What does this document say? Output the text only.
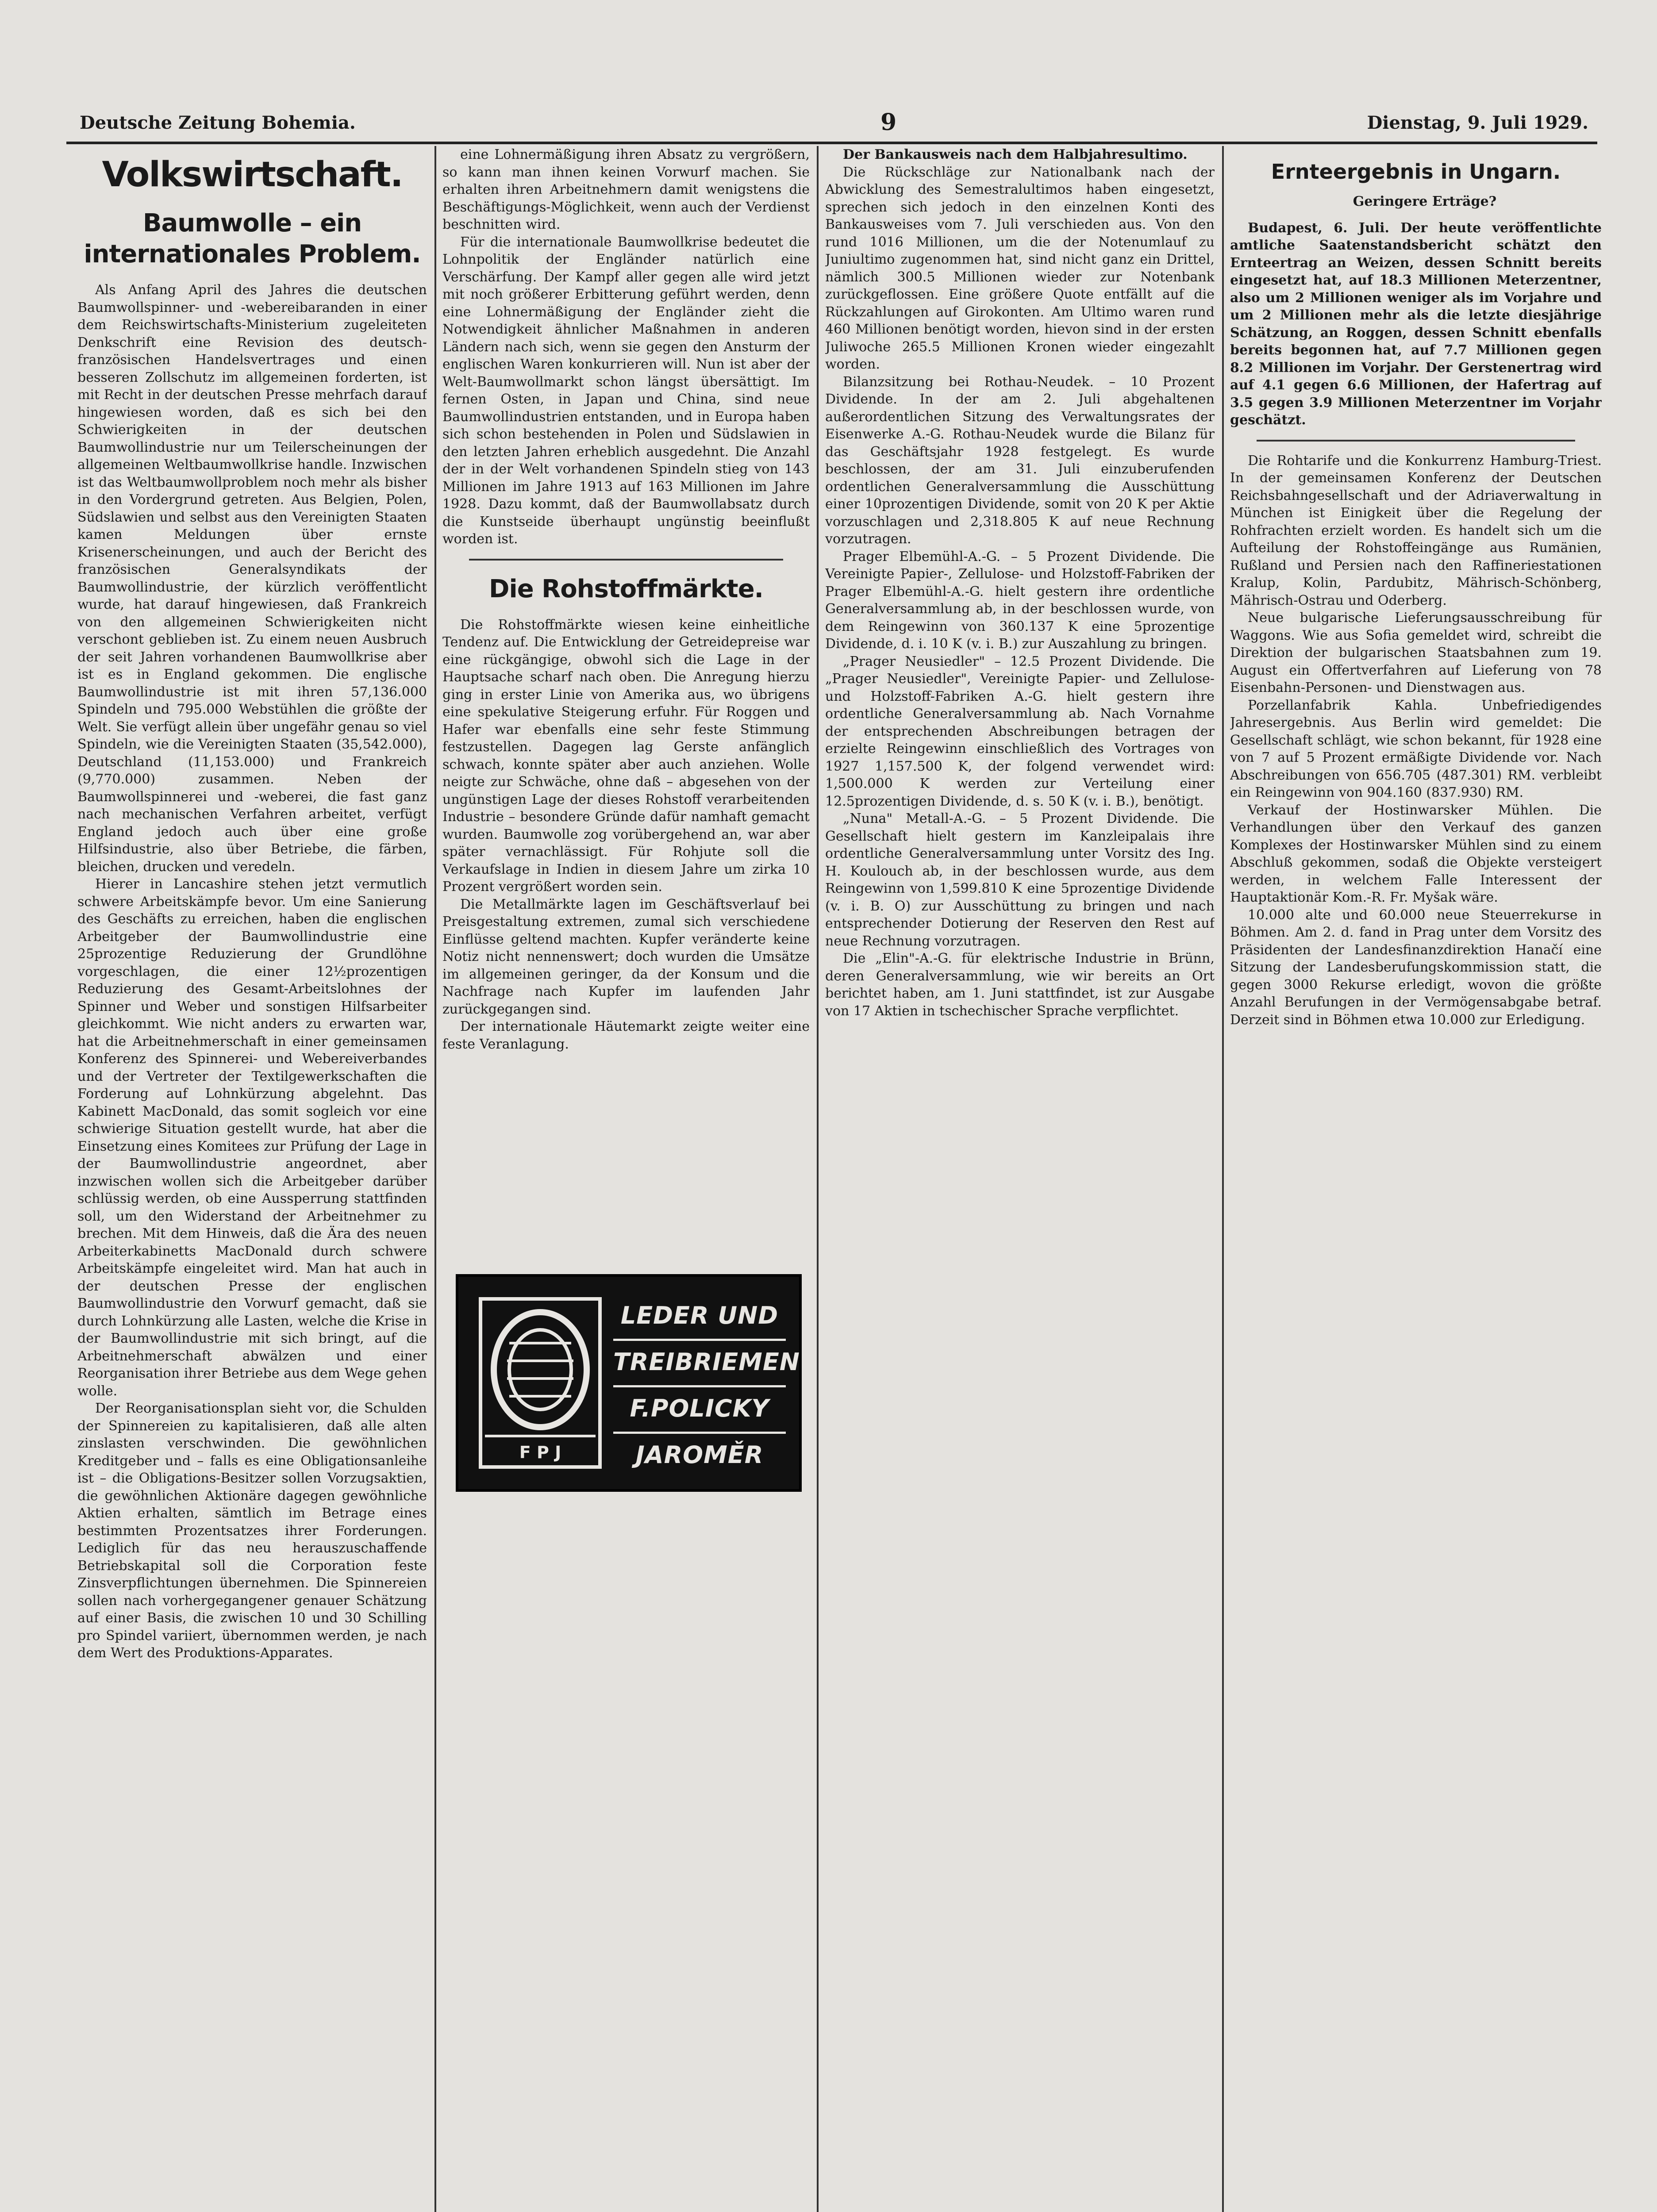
Deutsche Zeitung Bohemia.	9	Dienstag, 9. Juli 1929.
Volkswirtschaft.
Baumwolle – ein internationales Problem.

Als Anfang April des Jahres die deutschen Baumwollspinner- und -webereibaranden in einer dem Reichswirtschafts-Ministerium zugeleiteten Denkschrift eine Revision des deutsch-französischen Handelsvertrages und einen besseren Zollschutz im allgemeinen forderten, ist mit Recht in der deutschen Presse mehrfach darauf hingewiesen worden, daß es sich bei den Schwierigkeiten in der deutschen Baumwollindustrie nur um Teilerscheinungen der allgemeinen Weltbaumwollkrise handle. Inzwischen ist das Weltbaumwollproblem noch mehr als bisher in den Vordergrund getreten. Aus Belgien, Polen, Südslawien und selbst aus den Vereinigten Staaten kamen Meldungen über ernste Krisenerscheinungen, und auch der Bericht des französischen Generalsyndikats der Baumwollindustrie, der kürzlich veröffentlicht wurde, hat darauf hingewiesen, daß Frankreich von den allgemeinen Schwierigkeiten nicht verschont geblieben ist. Zu einem neuen Ausbruch der seit Jahren vorhandenen Baumwollkrise aber ist es in England gekommen. Die englische Baumwollindustrie ist mit ihren 57,136.000 Spindeln und 795.000 Webstühlen die größte der Welt. Sie verfügt allein über ungefähr genau so viel Spindeln, wie die Vereinigten Staaten (35,542.000), Deutschland (11,153.000) und Frankreich (9,770.000) zusammen. Neben der Baumwollspinnerei und -weberei, die fast ganz nach mechanischen Verfahren arbeitet, verfügt England jedoch auch über eine große Hilfsindustrie, also über Betriebe, die färben, bleichen, drucken und veredeln.

Hierer in Lancashire stehen jetzt vermutlich schwere Arbeitskämpfe bevor. Um eine Sanierung des Geschäfts zu erreichen, haben die englischen Arbeitgeber der Baumwollindustrie eine 25prozentige Reduzierung der Grundlöhne vorgeschlagen, die einer 12½prozentigen Reduzierung des Gesamt-Arbeitslohnes der Spinner und Weber und sonstigen Hilfsarbeiter gleichkommt. Wie nicht anders zu erwarten war, hat die Arbeitnehmerschaft in einer gemeinsamen Konferenz des Spinnerei- und Webereiverbandes und der Vertreter der Textilgewerkschaften die Forderung auf Lohnkürzung abgelehnt. Das Kabinett MacDonald, das somit sogleich vor eine schwierige Situation gestellt wurde, hat aber die Einsetzung eines Komitees zur Prüfung der Lage in der Baumwollindustrie angeordnet, aber inzwischen wollen sich die Arbeitgeber darüber schlüssig werden, ob eine Aussperrung stattfinden soll, um den Widerstand der Arbeitnehmer zu brechen. Mit dem Hinweis, daß die Ära des neuen Arbeiterkabinetts MacDonald durch schwere Arbeitskämpfe eingeleitet wird. Man hat auch in der deutschen Presse der englischen Baumwollindustrie den Vorwurf gemacht, daß sie durch Lohnkürzung alle Lasten, welche die Krise in der Baumwollindustrie mit sich bringt, auf die Arbeitnehmerschaft abwälzen und einer Reorganisation ihrer Betriebe aus dem Wege gehen wolle.

Der Reorganisationsplan sieht vor, die Schulden der Spinnereien zu kapitalisieren, daß alle alten zinslasten verschwinden. Die gewöhnlichen Kreditgeber und – falls es eine Obligationsanleihe ist – die Obligations-Besitzer sollen Vorzugsaktien, die gewöhnlichen Aktionäre dagegen gewöhnliche Aktien erhalten, sämtlich im Betrage eines bestimmten Prozentsatzes ihrer Forderungen. Lediglich für das neu herauszuschaffende Betriebskapital soll die Corporation feste Zinsverpflichtungen übernehmen. Die Spinnereien sollen nach vorhergegangener genauer Schätzung auf einer Basis, die zwischen 10 und 30 Schilling pro Spindel variiert, übernommen werden, je nach dem Wert des Produktions-Apparates.

eine Lohnermäßigung ihren Absatz zu vergrößern, so kann man ihnen keinen Vorwurf machen. Sie erhalten ihren Arbeitnehmern damit wenigstens die Beschäftigungs-Möglichkeit, wenn auch der Verdienst beschnitten wird.

Für die internationale Baumwollkrise bedeutet die Lohnpolitik der Engländer natürlich eine Verschärfung. Der Kampf aller gegen alle wird jetzt mit noch größerer Erbitterung geführt werden, denn eine Lohnermäßigung der Engländer zieht die Notwendigkeit ähnlicher Maßnahmen in anderen Ländern nach sich, wenn sie gegen den Ansturm der englischen Waren konkurrieren will. Nun ist aber der Welt-Baumwollmarkt schon längst übersättigt. Im fernen Osten, in Japan und China, sind neue Baumwollindustrien entstanden, und in Europa haben sich schon bestehenden in Polen und Südslawien in den letzten Jahren erheblich ausgedehnt. Die Anzahl der in der Welt vorhandenen Spindeln stieg von 143 Millionen im Jahre 1913 auf 163 Millionen im Jahre 1928. Dazu kommt, daß der Baumwollabsatz durch die Kunstseide überhaupt ungünstig beeinflußt worden ist.

Die Rohstoffmärkte.

Die Rohstoffmärkte wiesen keine einheitliche Tendenz auf. Die Entwicklung der Getreidepreise war eine rückgängige, obwohl sich die Lage in der Hauptsache scharf nach oben. Die Anregung hierzu ging in erster Linie von Amerika aus, wo übrigens eine spekulative Steigerung erfuhr. Für Roggen und Hafer war ebenfalls eine sehr feste Stimmung festzustellen. Dagegen lag Gerste anfänglich schwach, konnte später aber auch anziehen. Wolle neigte zur Schwäche, ohne daß – abgesehen von der ungünstigen Lage der dieses Rohstoff verarbeitenden Industrie – besondere Gründe dafür namhaft gemacht wurden. Baumwolle zog vorübergehend an, war aber später vernachlässigt. Für Rohjute soll die Verkaufslage in Indien in diesem Jahre um zirka 10 Prozent vergrößert worden sein.

Die Metallmärkte lagen im Geschäftsverlauf bei Preisgestaltung extremen, zumal sich verschiedene Einflüsse geltend machten. Kupfer veränderte keine Notiz nicht nennenswert; doch wurden die Umsätze im allgemeinen geringer, da der Konsum und die Nachfrage nach Kupfer im laufenden Jahr zurückgegangen sind.

Der internationale Häutemarkt zeigte weiter eine feste Veranlagung.

F P J
LEDER UND
TREIBRIEMEN
F.POLICKY
JAROMĚR

Der Bankausweis nach dem Halbjahresultimo.

Die Rückschläge zur Nationalbank nach der Abwicklung des Semestralultimos haben eingesetzt, sprechen sich jedoch in den einzelnen Konti des Bankausweises vom 7. Juli verschieden aus. Von den rund 1016 Millionen, um die der Notenumlauf zu Juniultimo zugenommen hat, sind nicht ganz ein Drittel, nämlich 300.5 Millionen wieder zur Notenbank zurückgeflossen. Eine größere Quote entfällt auf die Rückzahlungen auf Girokonten. Am Ultimo waren rund 460 Millionen benötigt worden, hievon sind in der ersten Juliwoche 265.5 Millionen Kronen wieder eingezahlt worden.

Bilanzsitzung bei Rothau-Neudek. – 10 Prozent Dividende. In der am 2. Juli abgehaltenen außerordentlichen Sitzung des Verwaltungsrates der Eisenwerke A.-G. Rothau-Neudek wurde die Bilanz für das Geschäftsjahr 1928 festgelegt. Es wurde beschlossen, der am 31. Juli einzuberufenden ordentlichen Generalversammlung die Ausschüttung einer 10prozentigen Dividende, somit von 20 K per Aktie vorzuschlagen und 2,318.805 K auf neue Rechnung vorzutragen.

Prager Elbemühl-A.-G. – 5 Prozent Dividende. Die Vereinigte Papier-, Zellulose- und Holzstoff-Fabriken der Prager Elbemühl-A.-G. hielt gestern ihre ordentliche Generalversammlung ab, in der beschlossen wurde, von dem Reingewinn von 360.137 K eine 5prozentige Dividende, d. i. 10 K (v. i. B.) zur Auszahlung zu bringen.

„Prager Neusiedler" – 12.5 Prozent Dividende. Die „Prager Neusiedler", Vereinigte Papier- und Zellulose- und Holzstoff-Fabriken A.-G. hielt gestern ihre ordentliche Generalversammlung ab. Nach Vornahme der entsprechenden Abschreibungen betragen der erzielte Reingewinn einschließlich des Vortrages von 1927 1,157.500 K, der folgend verwendet wird: 1,500.000 K werden zur Verteilung einer 12.5prozentigen Dividende, d. s. 50 K (v. i. B.), benötigt.

„Nuna" Metall-A.-G. – 5 Prozent Dividende. Die Gesellschaft hielt gestern im Kanzleipalais ihre ordentliche Generalversammlung unter Vorsitz des Ing. H. Koulouch ab, in der beschlossen wurde, aus dem Reingewinn von 1,599.810 K eine 5prozentige Dividende (v. i. B. O) zur Ausschüttung zu bringen und nach entsprechender Dotierung der Reserven den Rest auf neue Rechnung vorzutragen.

Die „Elin"-A.-G. für elektrische Industrie in Brünn, deren Generalversammlung, wie wir bereits an Ort berichtet haben, am 1. Juni stattfindet, ist zur Ausgabe von 17 Aktien in tschechischer Sprache verpflichtet.

Ernteergebnis in Ungarn.

Geringere Erträge?

Budapest, 6. Juli. Der heute veröffentlichte amtliche Saatenstandsbericht schätzt den Ernteertrag an Weizen, dessen Schnitt bereits eingesetzt hat, auf 18.3 Millionen Meterzentner, also um 2 Millionen weniger als im Vorjahre und um 2 Millionen mehr als die letzte diesjährige Schätzung, an Roggen, dessen Schnitt ebenfalls bereits begonnen hat, auf 7.7 Millionen gegen 8.2 Millionen im Vorjahr. Der Gerstenertrag wird auf 4.1 gegen 6.6 Millionen, der Hafertrag auf 3.5 gegen 3.9 Millionen Meterzentner im Vorjahr geschätzt.

Die Rohtarife und die Konkurrenz Hamburg-Triest. In der gemeinsamen Konferenz der Deutschen Reichsbahngesellschaft und der Adriaverwaltung in München ist Einigkeit über die Regelung der Rohfrachten erzielt worden. Es handelt sich um die Aufteilung der Rohstoffeingänge aus Rumänien, Rußland und Persien nach den Raffineriestationen Kralup, Kolin, Pardubitz, Mährisch-Schönberg, Mährisch-Ostrau und Oderberg.

Neue bulgarische Lieferungsausschreibung für Waggons. Wie aus Sofia gemeldet wird, schreibt die Direktion der bulgarischen Staatsbahnen zum 19. August ein Offertverfahren auf Lieferung von 78 Eisenbahn-Personen- und Dienstwagen aus.

Porzellanfabrik Kahla. Unbefriedigendes Jahresergebnis. Aus Berlin wird gemeldet: Die Gesellschaft schlägt, wie schon bekannt, für 1928 eine von 7 auf 5 Prozent ermäßigte Dividende vor. Nach Abschreibungen von 656.705 (487.301) RM. verbleibt ein Reingewinn von 904.160 (837.930) RM.

Verkauf der Hostinwarsker Mühlen. Die Verhandlungen über den Verkauf des ganzen Komplexes der Hostinwarsker Mühlen sind zu einem Abschluß gekommen, sodaß die Objekte versteigert werden, in welchem Falle Interessent der Hauptaktionär Kom.-R. Fr. Myšak wäre.

10.000 alte und 60.000 neue Steuerrekurse in Böhmen. Am 2. d. fand in Prag unter dem Vorsitz des Präsidenten der Landesfinanzdirektion Hanačí eine Sitzung der Landesberufungskommission statt, die gegen 3000 Rekurse erledigt, wovon die größte Anzahl Berufungen in der Vermögensabgabe betraf. Derzeit sind in Böhmen etwa 10.000 zur Erledigung.
